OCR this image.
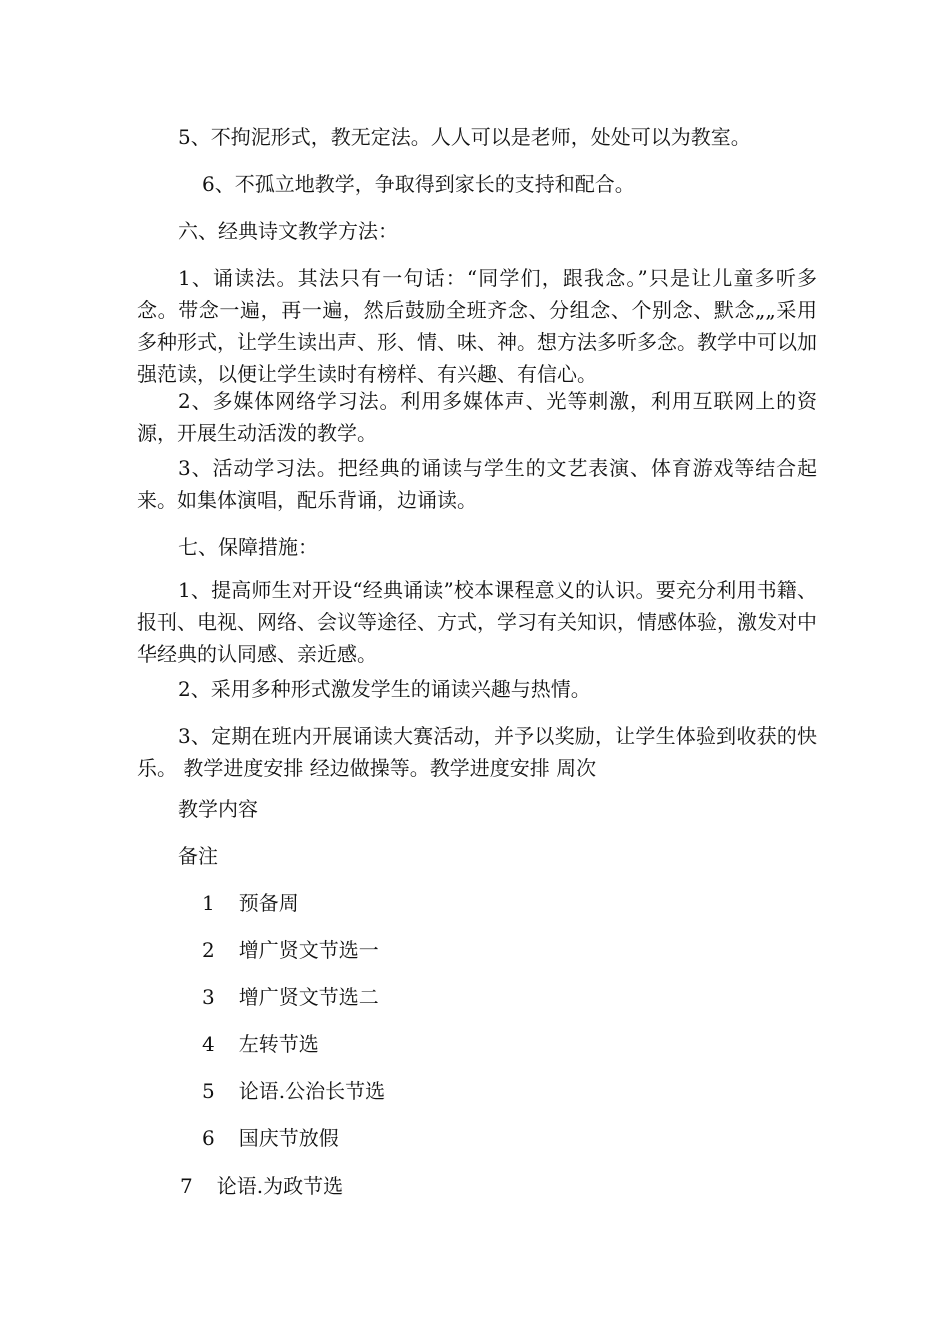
5、不拘泥形式，教无定法。人人可以是老师，处处可以为教室。

6、不孤立地教学，争取得到家长的支持和配合。

六、经典诗文教学方法：

1、诵读法。其法只有一句话：“同学们，跟我念。”只是让儿童多听多念。带念一遍，再一遍，然后鼓励全班齐念、分组念、个别念、默念„„采用多种形式，让学生读出声、形、情、味、神。想方法多听多念。教学中可以加强范读，以便让学生读时有榜样、有兴趣、有信心。

2、多媒体网络学习法。利用多媒体声、光等刺激，利用互联网上的资源，开展生动活泼的教学。

3、活动学习法。把经典的诵读与学生的文艺表演、体育游戏等结合起来。如集体演唱，配乐背诵，边诵读。

七、保障措施：

1、提高师生对开设“经典诵读”校本课程意义的认识。要充分利用书籍、报刊、电视、网络、会议等途径、方式，学习有关知识，情感体验，激发对中华经典的认同感、亲近感。

2、采用多种形式激发学生的诵读兴趣与热情。

3、定期在班内开展诵读大赛活动，并予以奖励，让学生体验到收获的快乐。 教学进度安排 经边做操等。教学进度安排 周次

教学内容

备注

1 预备周
2 增广贤文节选一
3 增广贤文节选二
4 左转节选
5 论语.公治长节选
6 国庆节放假
7 论语.为政节选
